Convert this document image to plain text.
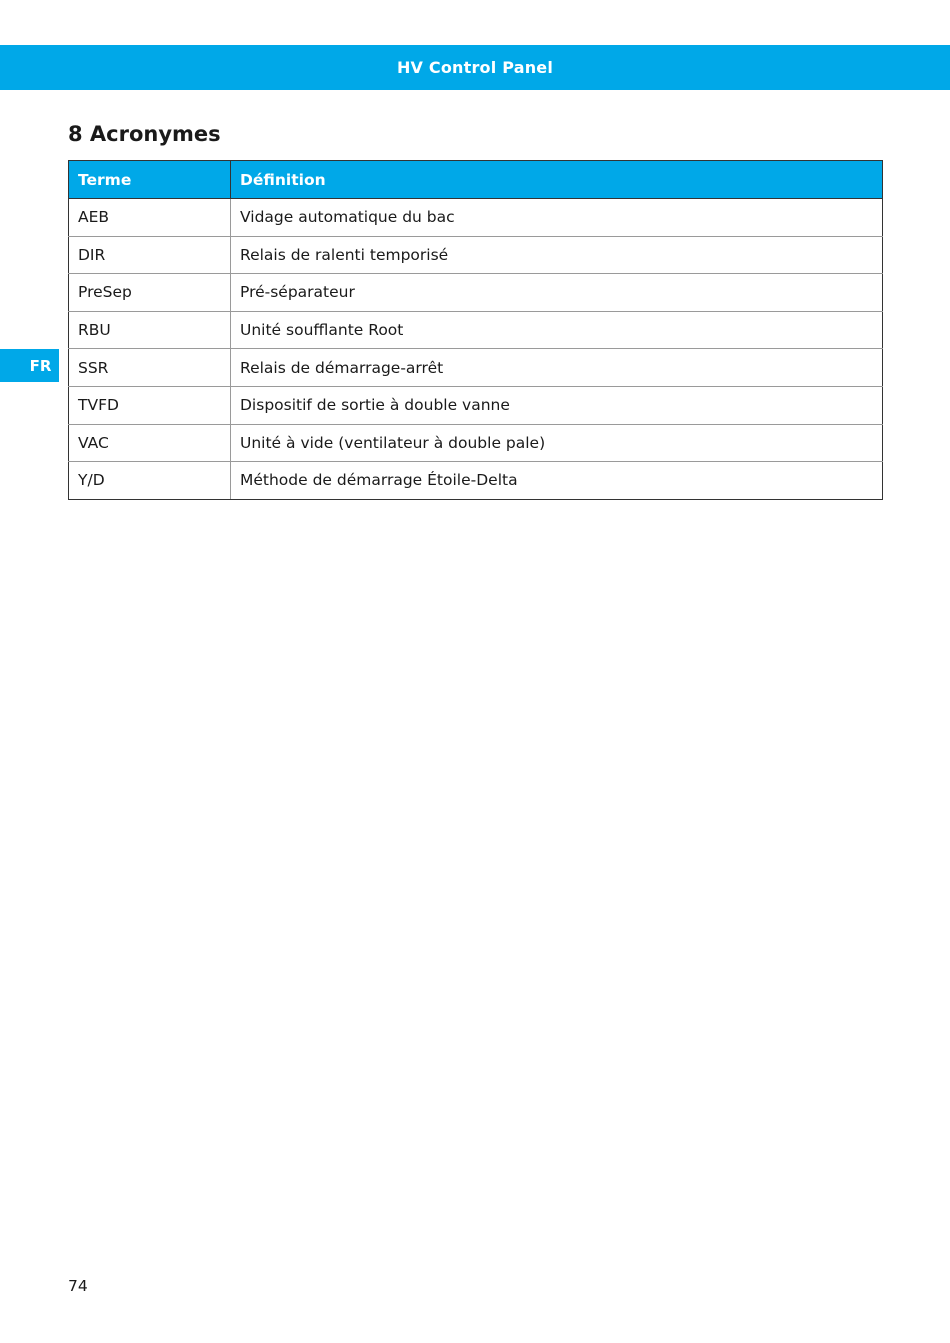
HV Control Panel
FR
8 Acronymes
Terme	Définition
AEB	Vidage automatique du bac
DIR	Relais de ralenti temporisé
PreSep	Pré-séparateur
RBU	Unité soufflante Root
SSR	Relais de démarrage-arrêt
TVFD	Dispositif de sortie à double vanne
VAC	Unité à vide (ventilateur à double pale)
Y/D	Méthode de démarrage Étoile-Delta
74
